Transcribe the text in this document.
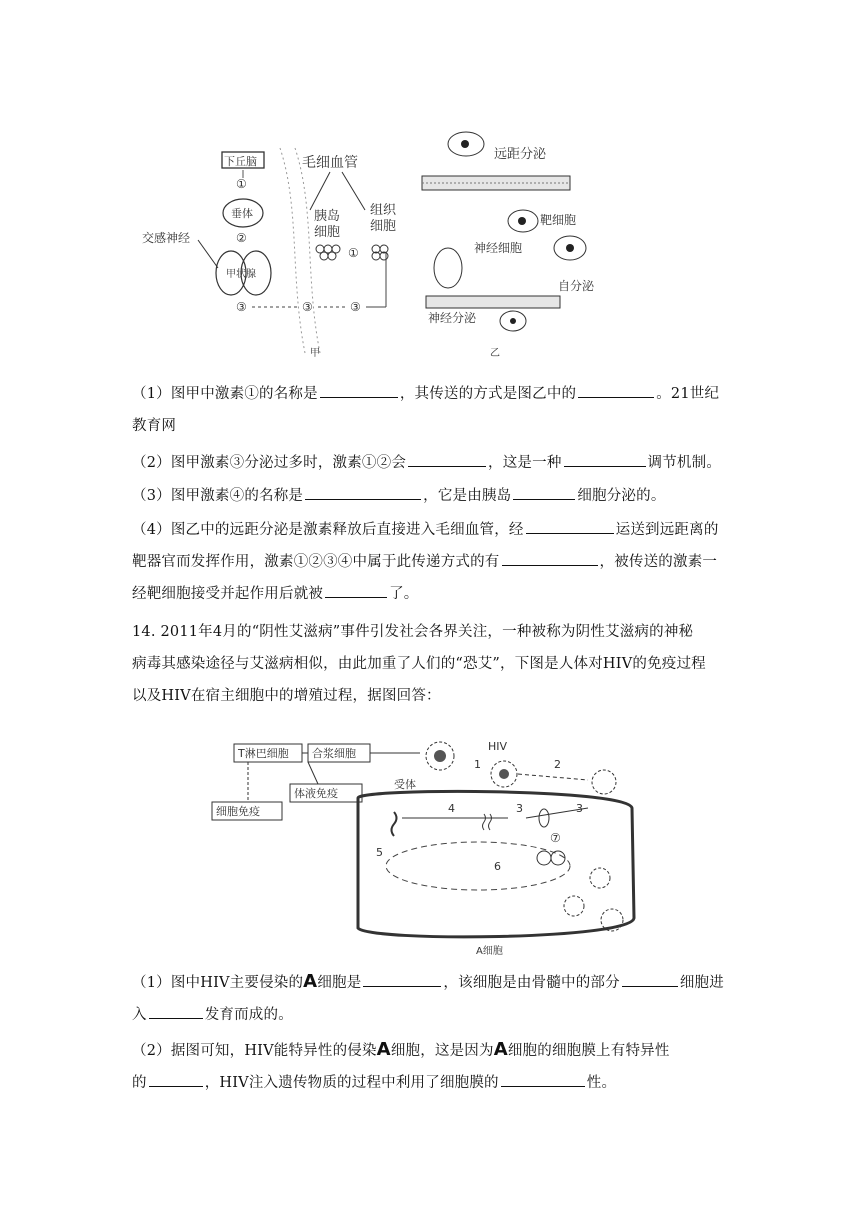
下丘脑	毛细血管
①
垂体
②
交感神经
甲状腺
③	③	③
胰岛
细胞
组织
细胞
①
甲
远距分泌
靶细胞
神经细胞
自分泌
神经分泌
乙
（1）图甲中激素①的名称是	，其传送的方式是图乙中的	。21世纪
教育网
（2）图甲激素③分泌过多时，激素①②会	，这是一种	调节机制。
（3）图甲激素④的名称是	，它是由胰岛	细胞分泌的。
（4）图乙中的远距分泌是激素释放后直接进入毛细血管，经	运送到远距离的
靶器官而发挥作用，激素①②③④中属于此传递方式的有	，被传送的激素一
经靶细胞接受并起作用后就被	了。
14. 2011年4月的“阴性艾滋病”事件引发社会各界关注，一种被称为阴性艾滋病的神秘
病毒其感染途径与艾滋病相似，由此加重了人们的“恐艾”，下图是人体对HIV的免疫过程
以及HIV在宿主细胞中的增殖过程，据图回答：
T淋巴细胞 合浆细胞
体液免疫
细胞免疫
HIV
1	2
受体
4	3	3
5
6
⑦
A细胞
（1）图中HIV主要侵染的A细胞是	，该细胞是由骨髓中的部分	细胞进
入	发育而成的。
（2）据图可知，HIV能特异性的侵染A细胞，这是因为A细胞的细胞膜上有特异性
的	，HIV注入遗传物质的过程中利用了细胞膜的	性。
